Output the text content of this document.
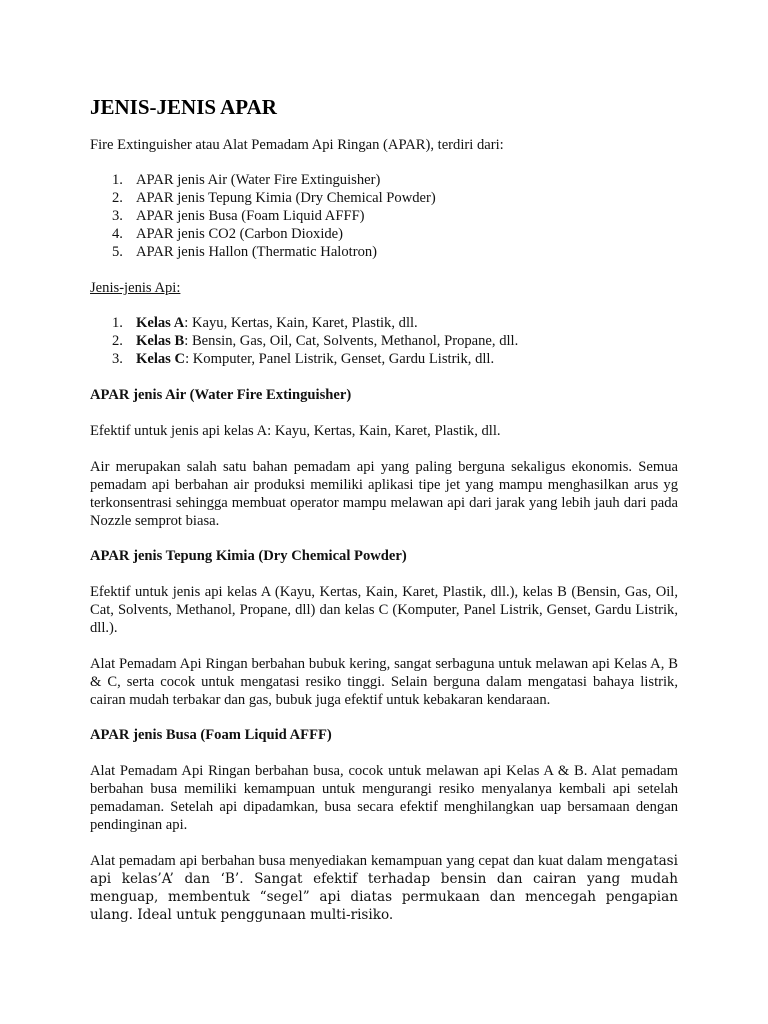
JENIS-JENIS APAR

Fire Extinguisher atau Alat Pemadam Api Ringan (APAR), terdiri dari:

1. APAR jenis Air (Water Fire Extinguisher)
2. APAR jenis Tepung Kimia (Dry Chemical Powder)
3. APAR jenis Busa (Foam Liquid AFFF)
4. APAR jenis CO2 (Carbon Dioxide)
5. APAR jenis Hallon (Thermatic Halotron)

Jenis-jenis Api:

1. Kelas A: Kayu, Kertas, Kain, Karet, Plastik, dll.
2. Kelas B: Bensin, Gas, Oil, Cat, Solvents, Methanol, Propane, dll.
3. Kelas C: Komputer, Panel Listrik, Genset, Gardu Listrik, dll.

APAR jenis Air (Water Fire Extinguisher)

Efektif untuk jenis api kelas A: Kayu, Kertas, Kain, Karet, Plastik, dll.

Air merupakan salah satu bahan pemadam api yang paling berguna sekaligus ekonomis. Semua pemadam api berbahan air produksi memiliki aplikasi tipe jet yang mampu menghasilkan arus yg terkonsentrasi sehingga membuat operator mampu melawan api dari jarak yang lebih jauh dari pada Nozzle semprot biasa.

APAR jenis Tepung Kimia (Dry Chemical Powder)

Efektif untuk jenis api kelas A (Kayu, Kertas, Kain, Karet, Plastik, dll.), kelas B (Bensin, Gas, Oil, Cat, Solvents, Methanol, Propane, dll) dan kelas C (Komputer, Panel Listrik, Genset, Gardu Listrik, dll.).

Alat Pemadam Api Ringan berbahan bubuk kering, sangat serbaguna untuk melawan api Kelas A, B & C, serta cocok untuk mengatasi resiko tinggi. Selain berguna dalam mengatasi bahaya listrik, cairan mudah terbakar dan gas, bubuk juga efektif untuk kebakaran kendaraan.

APAR jenis Busa (Foam Liquid AFFF)

Alat Pemadam Api Ringan berbahan busa, cocok untuk melawan api Kelas A & B. Alat pemadam berbahan busa memiliki kemampuan untuk mengurangi resiko menyalanya kembali api setelah pemadaman. Setelah api dipadamkan, busa secara efektif menghilangkan uap bersamaan dengan pendinginan api.

Alat pemadam api berbahan busa menyediakan kemampuan yang cepat dan kuat dalam mengatasi api kelas’A’ dan ‘B’. Sangat efektif terhadap bensin dan cairan yang mudah menguap, membentuk “segel” api diatas permukaan dan mencegah pengapian ulang. Ideal untuk penggunaan multi-risiko.
